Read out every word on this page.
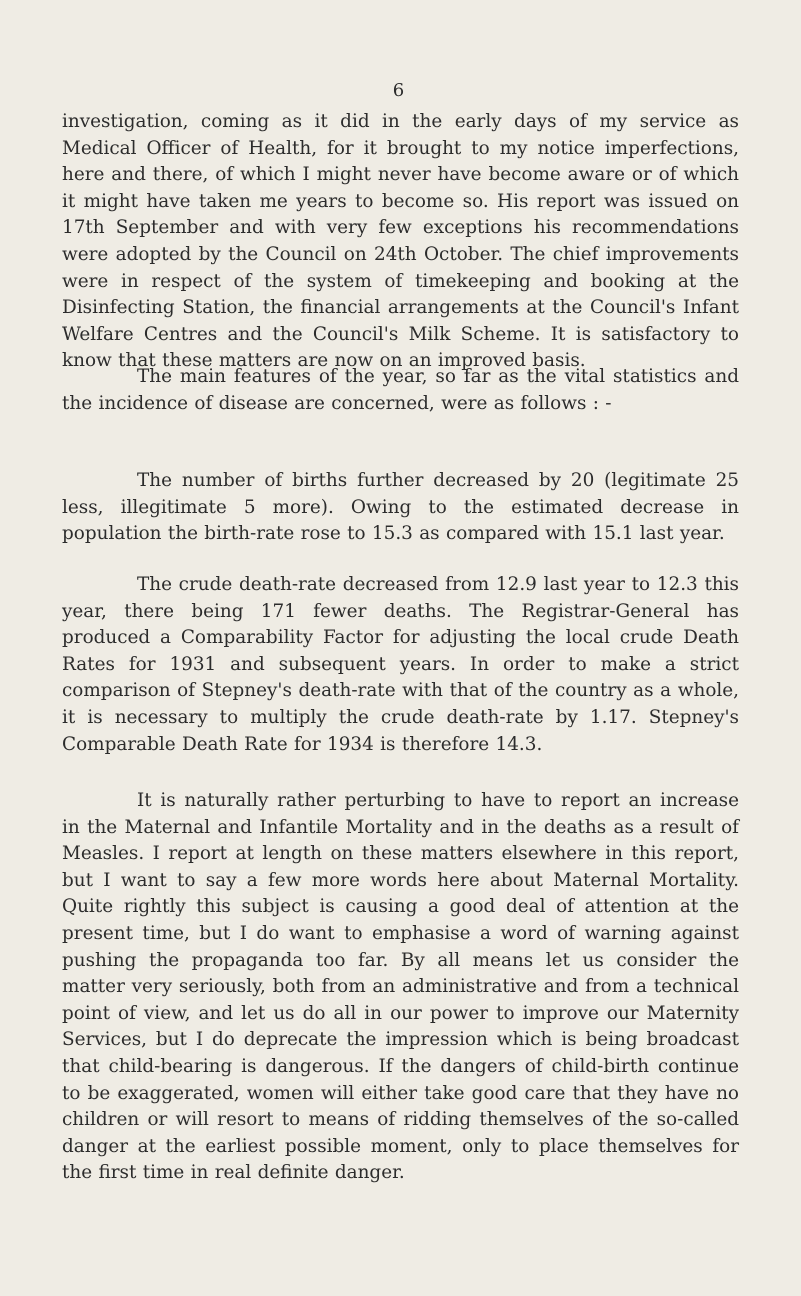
6

investigation, coming as it did in the early days of my service as Medical Officer of Health, for it brought to my notice imperfections, here and there, of which I might never have become aware or of which it might have taken me years to become so. His report was issued on 17th September and with very few exceptions his recommendations were adopted by the Council on 24th October. The chief improvements were in respect of the system of timekeeping and booking at the Disinfecting Station, the financial arrangements at the Council's Infant Welfare Centres and the Council's Milk Scheme. It is satisfactory to know that these matters are now on an improved basis.

The main features of the year, so far as the vital statistics and the incidence of disease are concerned, were as follows : -

The number of births further decreased by 20 (legitimate 25 less, illegitimate 5 more). Owing to the estimated decrease in population the birth-rate rose to 15.3 as compared with 15.1 last year.

The crude death-rate decreased from 12.9 last year to 12.3 this year, there being 171 fewer deaths. The Registrar-General has produced a Comparability Factor for adjusting the local crude Death Rates for 1931 and subsequent years. In order to make a strict comparison of Stepney's death-rate with that of the country as a whole, it is necessary to multiply the crude death-rate by 1.17. Stepney's Comparable Death Rate for 1934 is therefore 14.3.

It is naturally rather perturbing to have to report an increase in the Maternal and Infantile Mortality and in the deaths as a result of Measles. I report at length on these matters elsewhere in this report, but I want to say a few more words here about Maternal Mortality. Quite rightly this subject is causing a good deal of attention at the present time, but I do want to emphasise a word of warning against pushing the propaganda too far. By all means let us consider the matter very seriously, both from an administrative and from a technical point of view, and let us do all in our power to improve our Maternity Services, but I do deprecate the impression which is being broadcast that child-bearing is dangerous. If the dangers of child-birth continue to be exaggerated, women will either take good care that they have no children or will resort to means of ridding themselves of the so-called danger at the earliest possible moment, only to place themselves for the first time in real definite danger.
